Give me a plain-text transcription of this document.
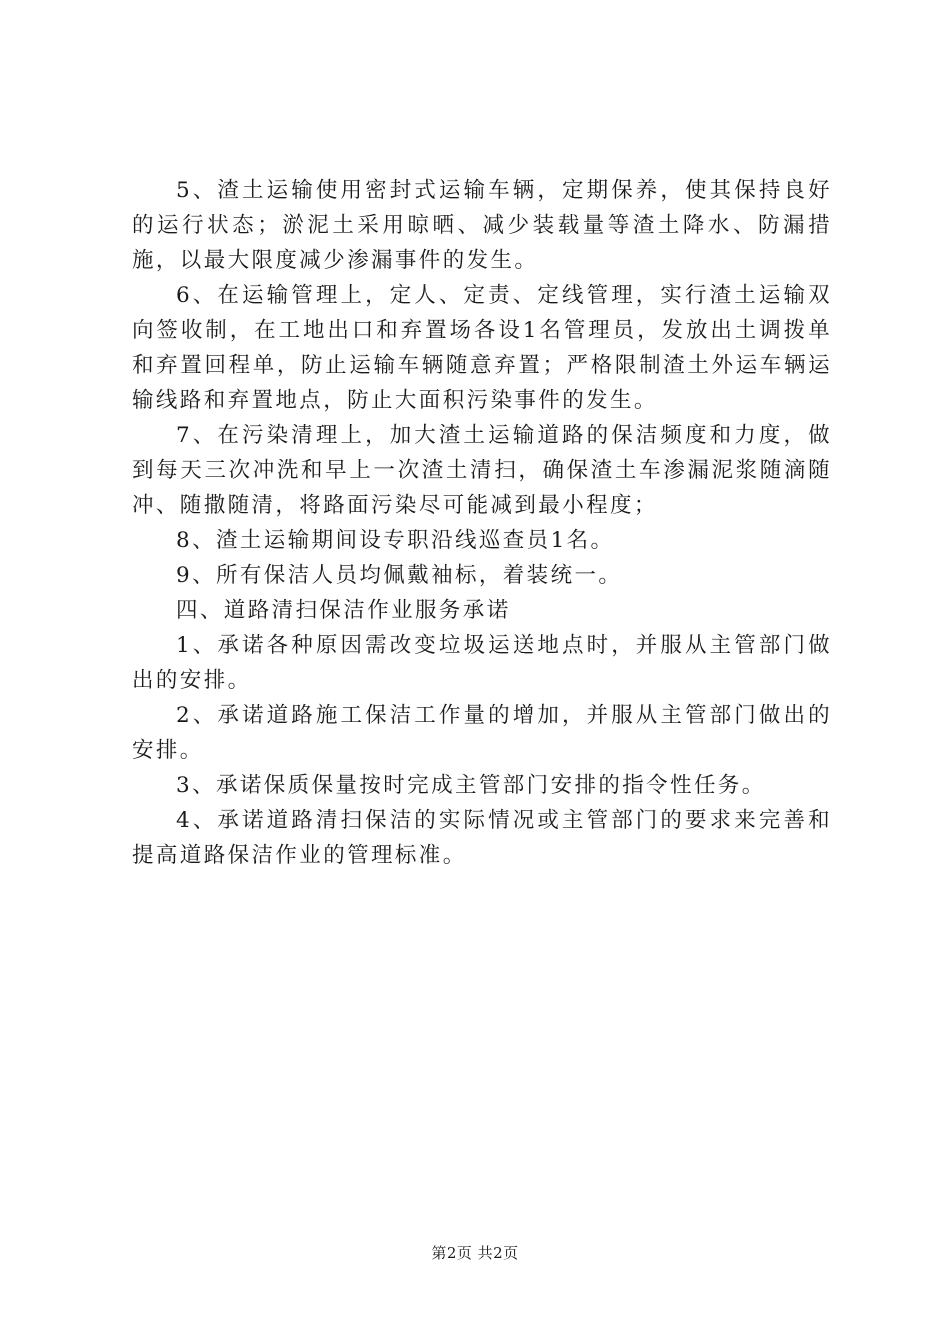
5、渣土运输使用密封式运输车辆，定期保养，使其保持良好的运行状态；淤泥土采用晾晒、减少装载量等渣土降水、防漏措施，以最大限度减少渗漏事件的发生。

6、在运输管理上，定人、定责、定线管理，实行渣土运输双向签收制，在工地出口和弃置场各设1名管理员，发放出土调拨单和弃置回程单，防止运输车辆随意弃置；严格限制渣土外运车辆运输线路和弃置地点，防止大面积污染事件的发生。

7、在污染清理上，加大渣土运输道路的保洁频度和力度，做到每天三次冲洗和早上一次渣土清扫，确保渣土车渗漏泥浆随滴随冲、随撒随清，将路面污染尽可能减到最小程度；

8、渣土运输期间设专职沿线巡查员1名。

9、所有保洁人员均佩戴袖标，着装统一。

四、道路清扫保洁作业服务承诺

1、承诺各种原因需改变垃圾运送地点时，并服从主管部门做出的安排。

2、承诺道路施工保洁工作量的增加，并服从主管部门做出的安排。

3、承诺保质保量按时完成主管部门安排的指令性任务。

4、承诺道路清扫保洁的实际情况或主管部门的要求来完善和提高道路保洁作业的管理标准。

第2页 共2页
